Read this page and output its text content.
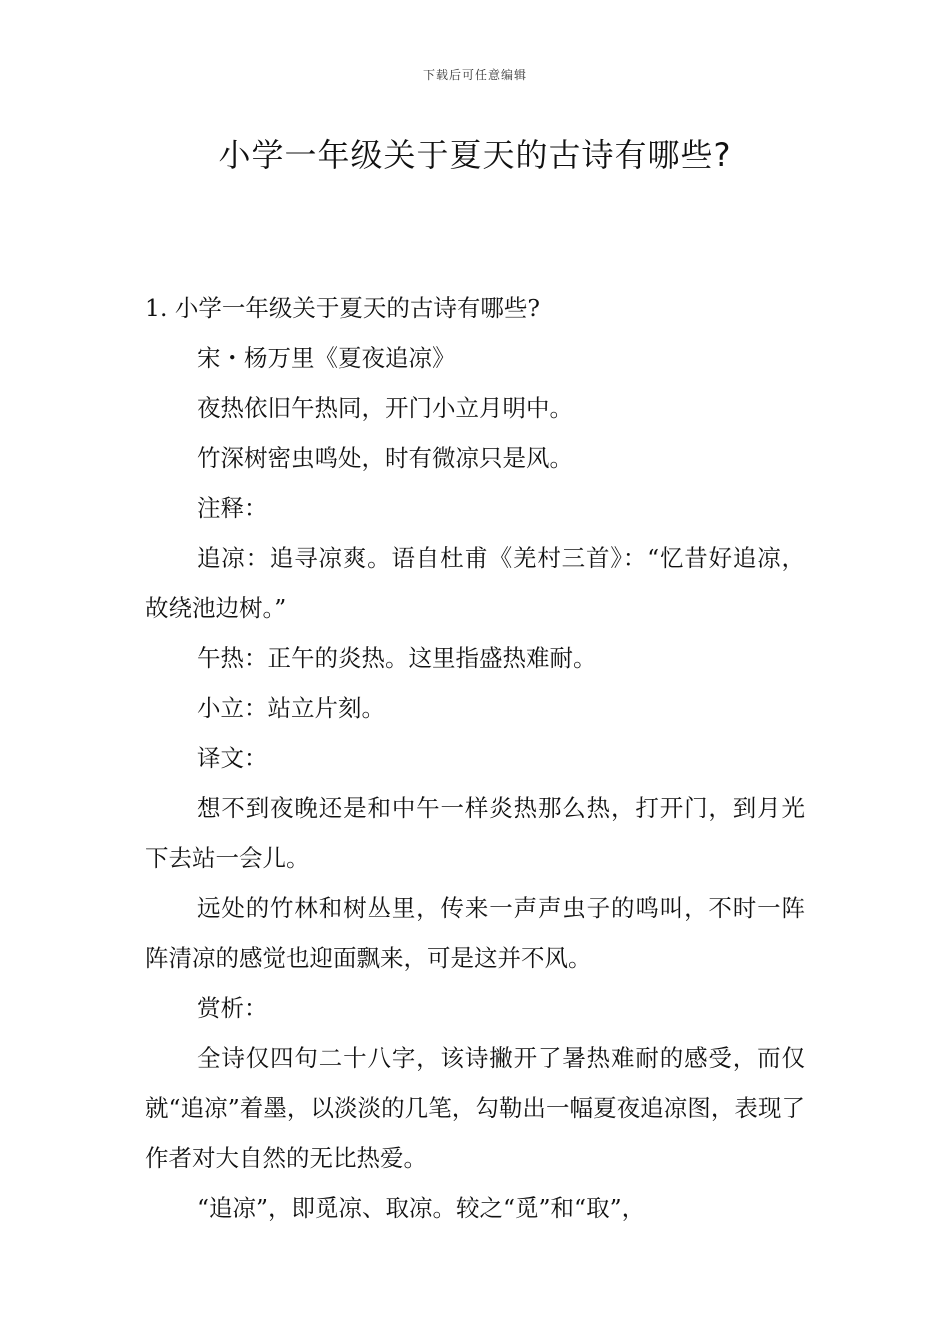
下载后可任意编辑
小学一年级关于夏天的古诗有哪些?

1. 小学一年级关于夏天的古诗有哪些?

宋・杨万里《夏夜追凉》

夜热依旧午热同，开门小立月明中。

竹深树密虫鸣处，时有微凉只是风。

注释：

追凉：追寻凉爽。语自杜甫《羌村三首》：“忆昔好追凉，故绕池边树。”

午热：正午的炎热。这里指盛热难耐。

小立：站立片刻。

译文：

想不到夜晚还是和中午一样炎热那么热，打开门，到月光下去站一会儿。

远处的竹林和树丛里，传来一声声虫子的鸣叫，不时一阵阵清凉的感觉也迎面飘来，可是这并不风。

赏析：

全诗仅四句二十八字，该诗撇开了暑热难耐的感受，而仅就“追凉”着墨，以淡淡的几笔，勾勒出一幅夏夜追凉图，表现了作者对大自然的无比热爱。

“追凉”，即觅凉、取凉。较之“觅”和“取”，
